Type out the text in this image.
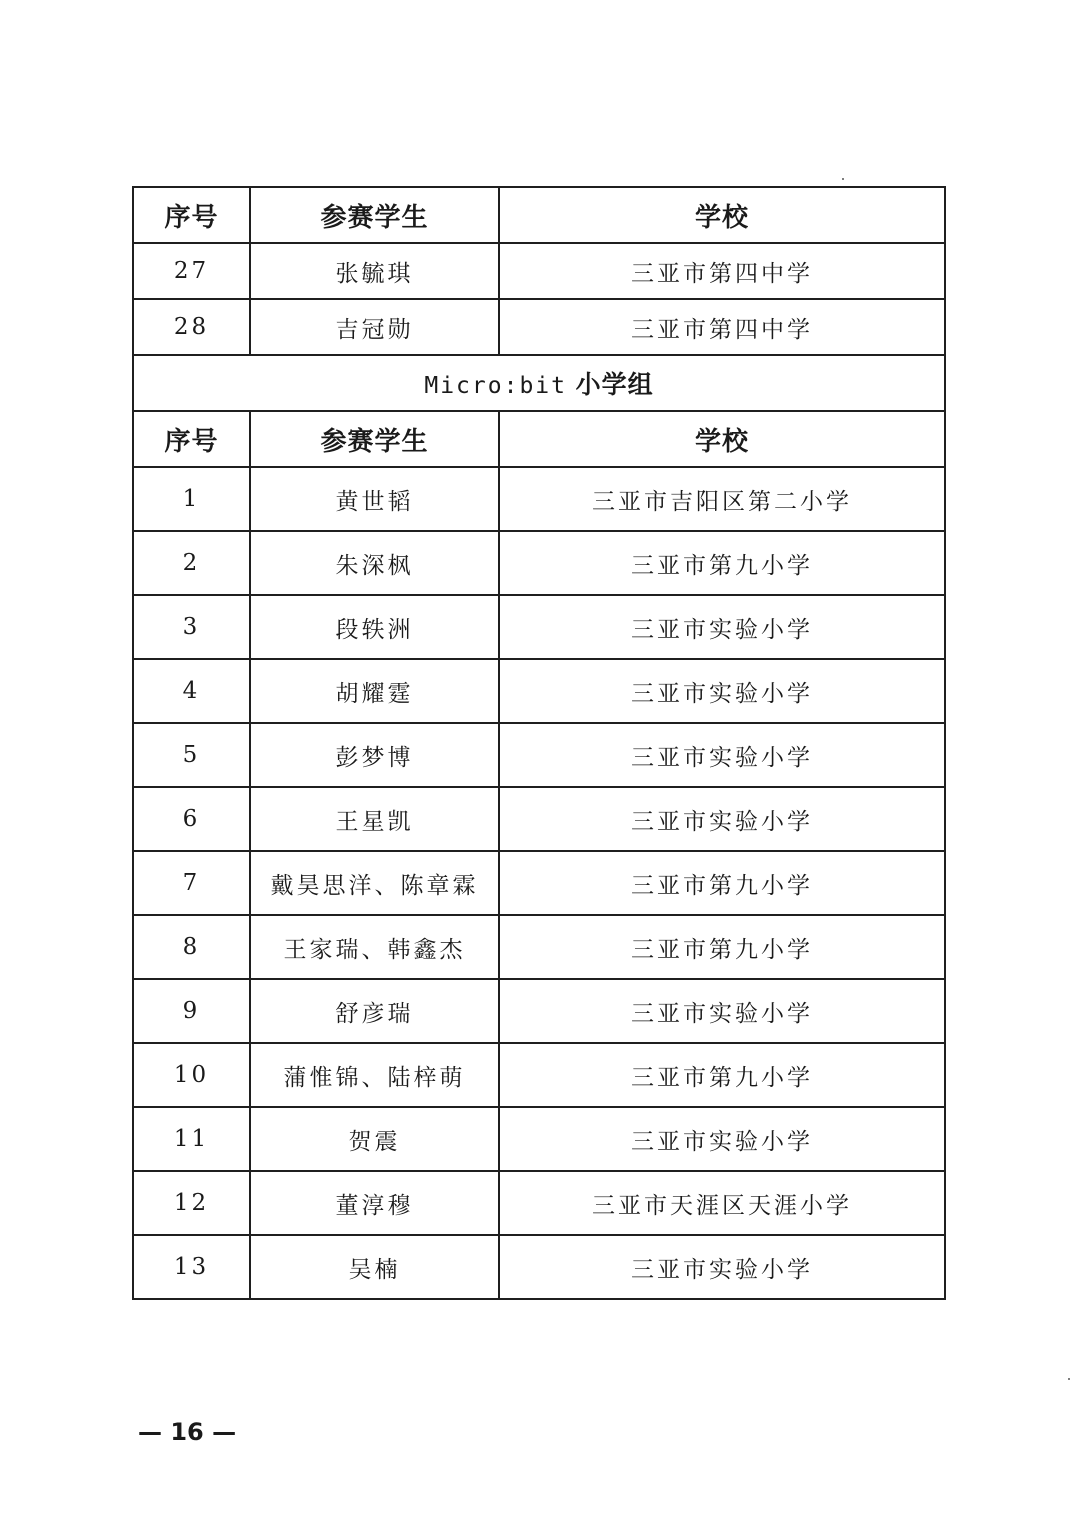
序号	参赛学生	学校
27	张毓琪	三亚市第四中学
28	吉冠勋	三亚市第四中学
Micro:bit 小学组		
序号	参赛学生	学校
1	黄世韬	三亚市吉阳区第二小学
2	朱深枫	三亚市第九小学
3	段轶洲	三亚市实验小学
4	胡耀霆	三亚市实验小学
5	彭梦博	三亚市实验小学
6	王星凯	三亚市实验小学
7	戴昊思洋、陈章霖	三亚市第九小学
8	王家瑞、韩鑫杰	三亚市第九小学
9	舒彦瑞	三亚市实验小学
10	蒲惟锦、陆梓萌	三亚市第九小学
11	贺震	三亚市实验小学
12	董淳穆	三亚市天涯区天涯小学
13	吴楠	三亚市实验小学
— 16 —
